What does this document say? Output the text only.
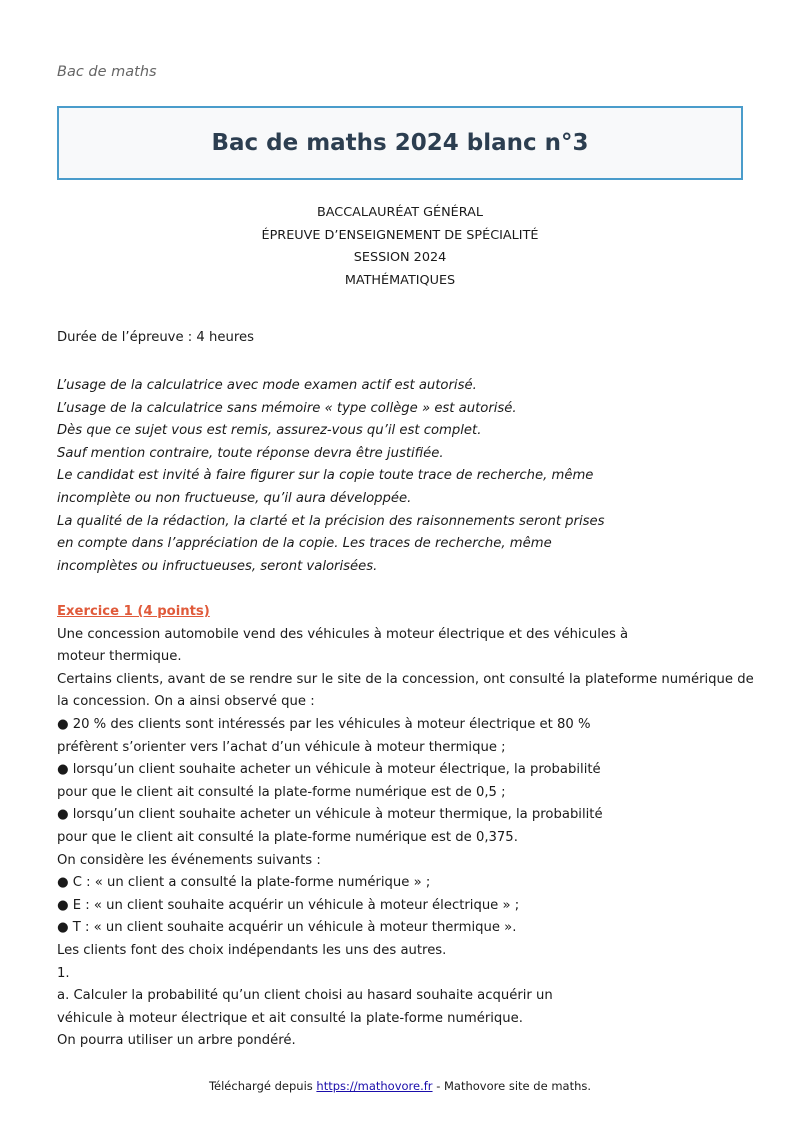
Bac de maths
Bac de maths 2024 blanc n°3
BACCALAURÉAT GÉNÉRAL
ÉPREUVE D’ENSEIGNEMENT DE SPÉCIALITÉ
SESSION 2024
MATHÉMATIQUES
Durée de l’épreuve : 4 heures
L’usage de la calculatrice avec mode examen actif est autorisé.
L’usage de la calculatrice sans mémoire « type collège » est autorisé.
Dès que ce sujet vous est remis, assurez-vous qu’il est complet.
Sauf mention contraire, toute réponse devra être justifiée.
Le candidat est invité à faire figurer sur la copie toute trace de recherche, même
incomplète ou non fructueuse, qu’il aura développée.
La qualité de la rédaction, la clarté et la précision des raisonnements seront prises
en compte dans l’appréciation de la copie. Les traces de recherche, même
incomplètes ou infructueuses, seront valorisées.
Exercice 1 (4 points)
Une concession automobile vend des véhicules à moteur électrique et des véhicules à
moteur thermique.
Certains clients, avant de se rendre sur le site de la concession, ont consulté la plateforme numérique de
la concession. On a ainsi observé que :
● 20 % des clients sont intéressés par les véhicules à moteur électrique et 80 %
préfèrent s’orienter vers l’achat d’un véhicule à moteur thermique ;
● lorsqu’un client souhaite acheter un véhicule à moteur électrique, la probabilité
pour que le client ait consulté la plate-forme numérique est de 0,5 ;
● lorsqu’un client souhaite acheter un véhicule à moteur thermique, la probabilité
pour que le client ait consulté la plate-forme numérique est de 0,375.
On considère les événements suivants :
● C : « un client a consulté la plate-forme numérique » ;
● E : « un client souhaite acquérir un véhicule à moteur électrique » ;
● T : « un client souhaite acquérir un véhicule à moteur thermique ».
Les clients font des choix indépendants les uns des autres.
1.
a. Calculer la probabilité qu’un client choisi au hasard souhaite acquérir un
véhicule à moteur électrique et ait consulté la plate-forme numérique.
On pourra utiliser un arbre pondéré.
Téléchargé depuis https://mathovore.fr - Mathovore site de maths.
